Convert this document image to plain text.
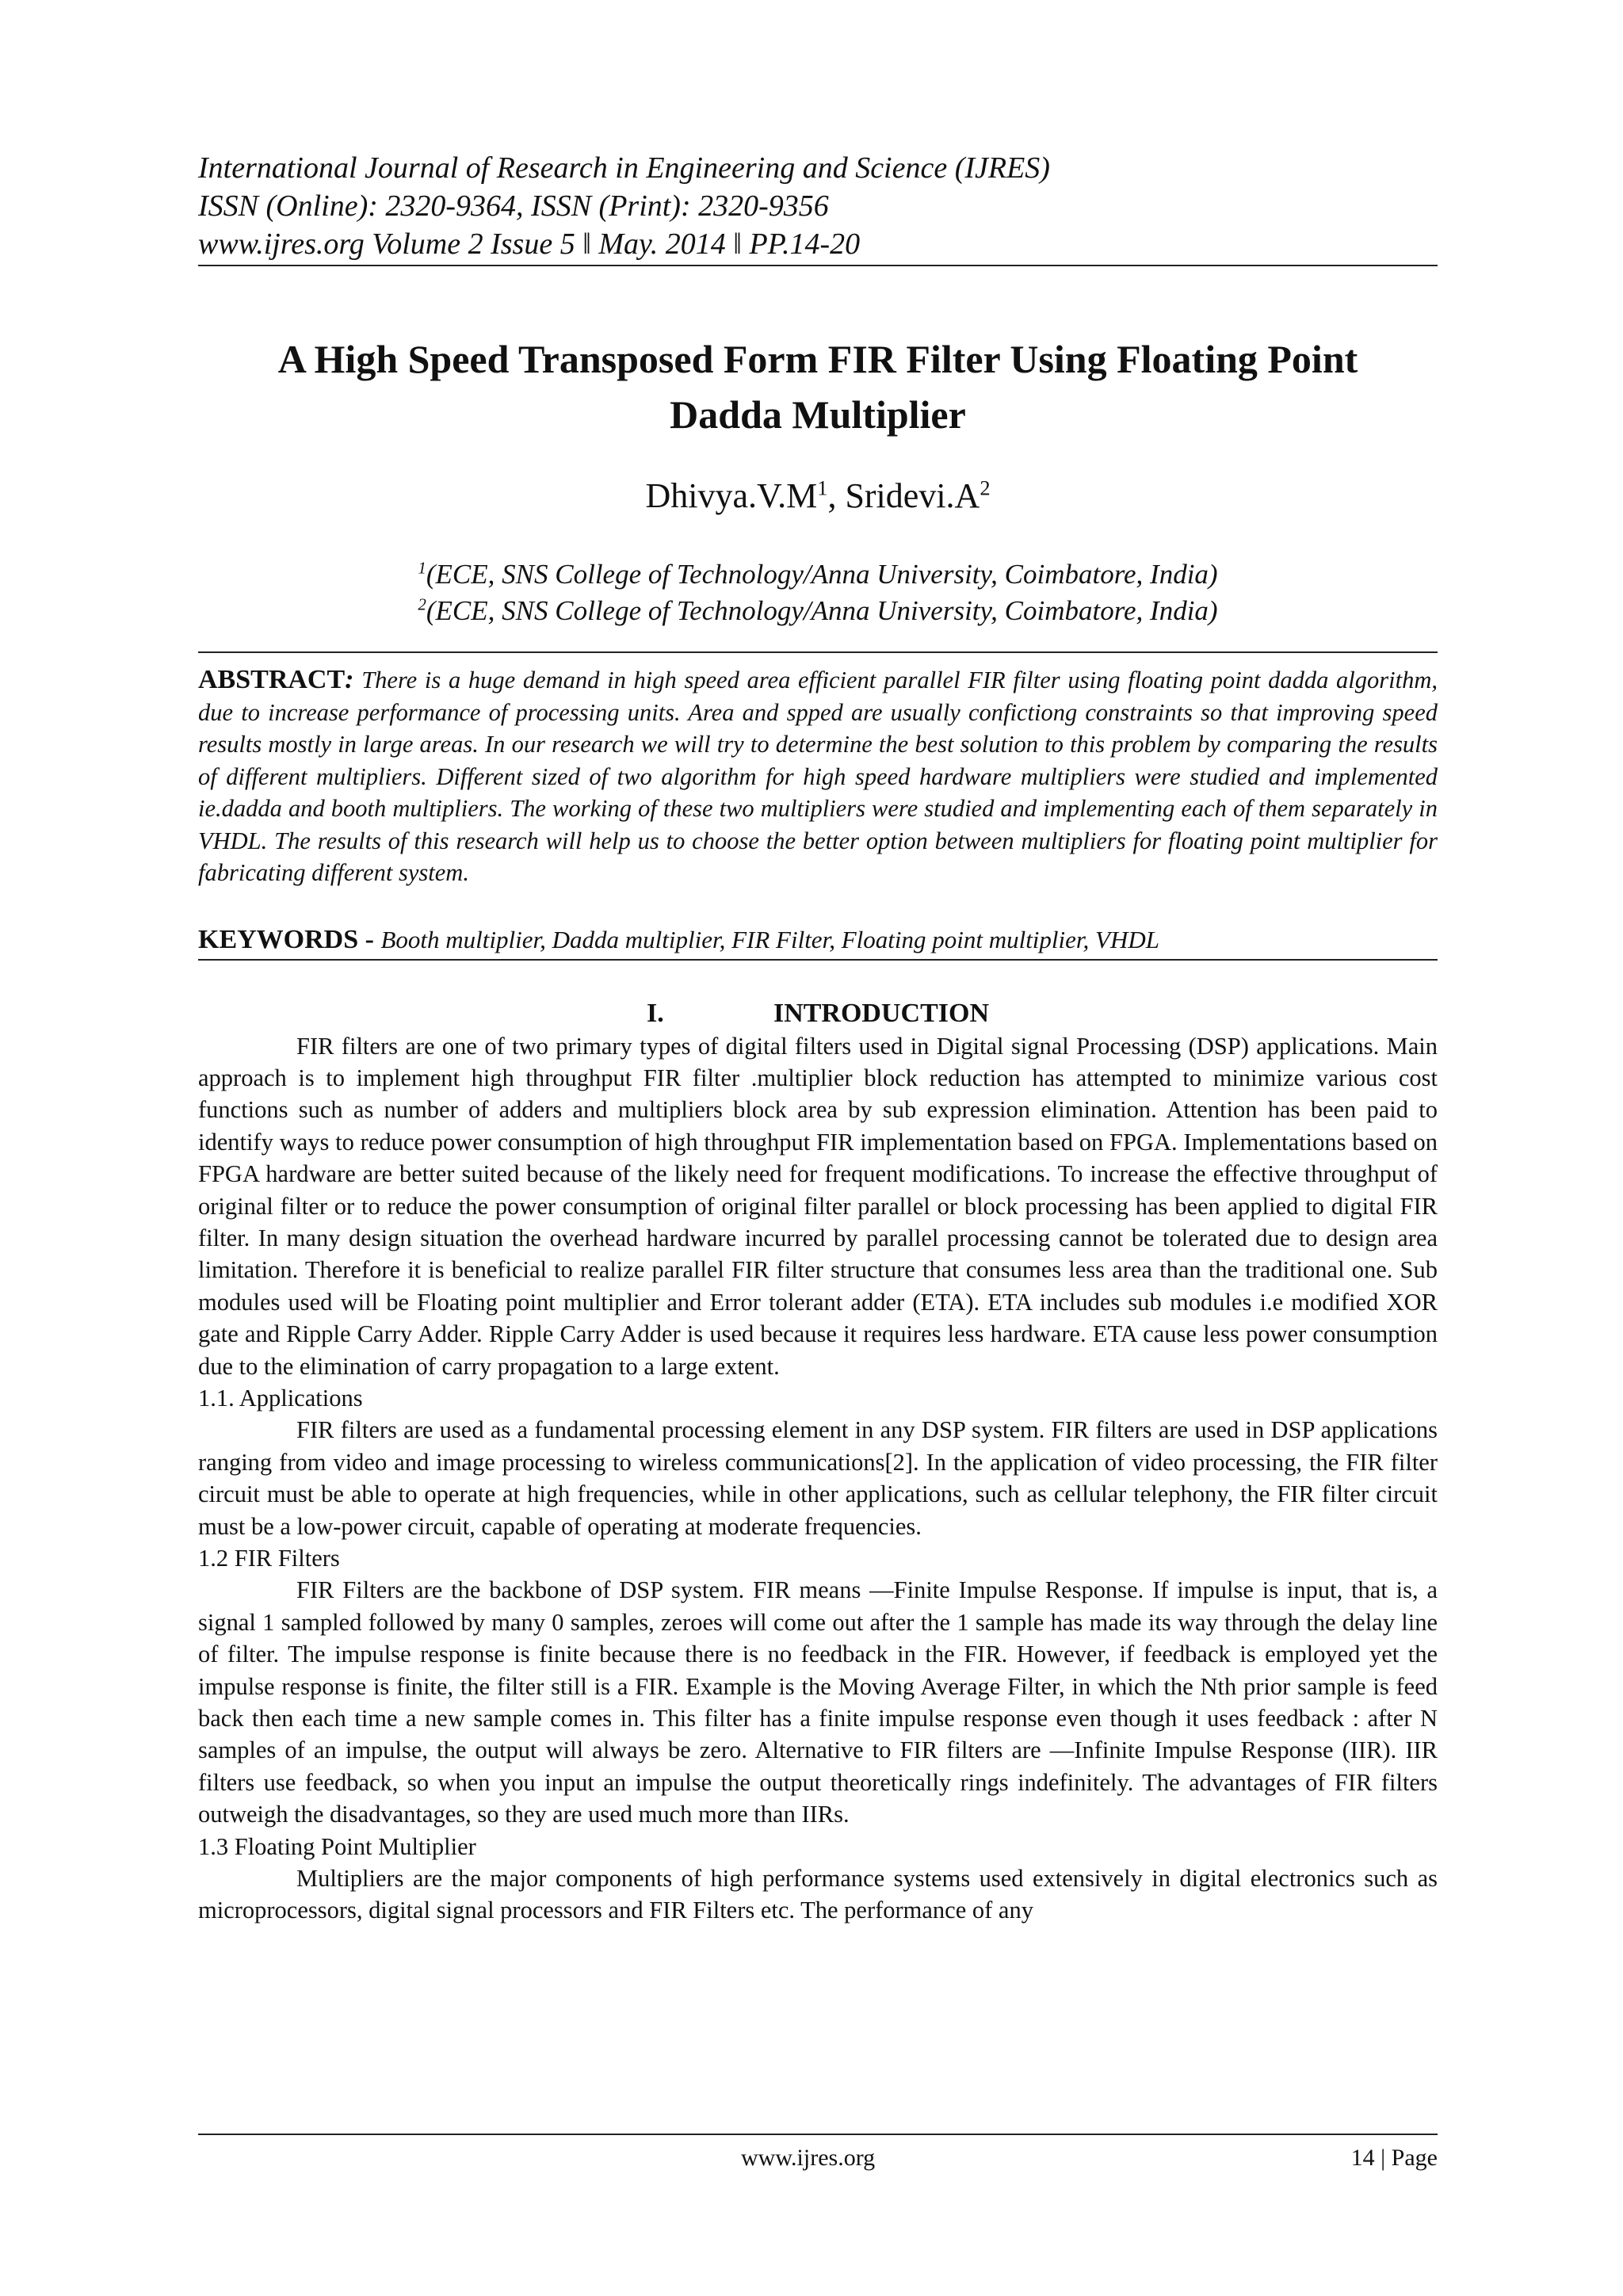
International Journal of Research in Engineering and Science (IJRES)

ISSN (Online): 2320-9364, ISSN (Print): 2320-9356

www.ijres.org Volume 2 Issue 5 ǁ May. 2014 ǁ PP.14-20

A High Speed Transposed Form FIR Filter Using Floating Point

Dadda Multiplier

$Dhivya.V.M^1$, $Sridevi.A^2$

$^1$(ECE, SNS College of Technology/Anna University, Coimbatore, India)

$^2$(ECE, SNS College of Technology/Anna University, Coimbatore, India)

ABSTRACT: There is a huge demand in high speed area efficient parallel FIR filter using floating point dadda algorithm, due to increase performance of processing units. Area and spped are usually confictiong constraints so that improving speed results mostly in large areas. In our research we will try to determine the best solution to this problem by comparing the results of different multipliers. Different sized of two algorithm for high speed hardware multipliers were studied and implemented ie.dadda and booth multipliers. The working of these two multipliers were studied and implementing each of them separately in VHDL. The results of this research will help us to choose the better option between multipliers for floating point multiplier for fabricating different system.

KEYWORDS - Booth multiplier, Dadda multiplier, FIR Filter, Floating point multiplier, VHDL

I.	INTRODUCTION

FIR filters are one of two primary types of digital filters used in Digital signal Processing (DSP) applications. Main approach is to implement high throughput FIR filter .multiplier block reduction has attempted to minimize various cost functions such as number of adders and multipliers block area by sub expression elimination. Attention has been paid to identify ways to reduce power consumption of high throughput FIR implementation based on FPGA. Implementations based on FPGA hardware are better suited because of the likely need for frequent modifications. To increase the effective throughput of original filter or to reduce the power consumption of original filter parallel or block processing has been applied to digital FIR filter. In many design situation the overhead hardware incurred by parallel processing cannot be tolerated due to design area limitation. Therefore it is beneficial to realize parallel FIR filter structure that consumes less area than the traditional one. Sub modules used will be Floating point multiplier and Error tolerant adder (ETA). ETA includes sub modules i.e modified XOR gate and Ripple Carry Adder. Ripple Carry Adder is used because it requires less hardware. ETA cause less power consumption due to the elimination of carry propagation to a large extent.

1.1. Applications

FIR filters are used as a fundamental processing element in any DSP system. FIR filters are used in DSP applications ranging from video and image processing to wireless communications[2]. In the application of video processing, the FIR filter circuit must be able to operate at high frequencies, while in other applications, such as cellular telephony, the FIR filter circuit must be a low-power circuit, capable of operating at moderate frequencies.

1.2 FIR Filters

FIR Filters are the backbone of DSP system. FIR means ―Finite Impulse Response. If impulse is input, that is, a signal 1 sampled followed by many 0 samples, zeroes will come out after the 1 sample has made its way through the delay line of filter. The impulse response is finite because there is no feedback in the FIR. However, if feedback is employed yet the impulse response is finite, the filter still is a FIR. Example is the Moving Average Filter, in which the Nth prior sample is feed back then each time a new sample comes in. This filter has a finite impulse response even though it uses feedback : after N samples of an impulse, the output will always be zero. Alternative to FIR filters are ―Infinite Impulse Response (IIR). IIR filters use feedback, so when you input an impulse the output theoretically rings indefinitely. The advantages of FIR filters outweigh the disadvantages, so they are used much more than IIRs.

1.3 Floating Point Multiplier

Multipliers are the major components of high performance systems used extensively in digital electronics such as microprocessors, digital signal processors and FIR Filters etc. The performance of any

www.ijres.org	14 | Page
